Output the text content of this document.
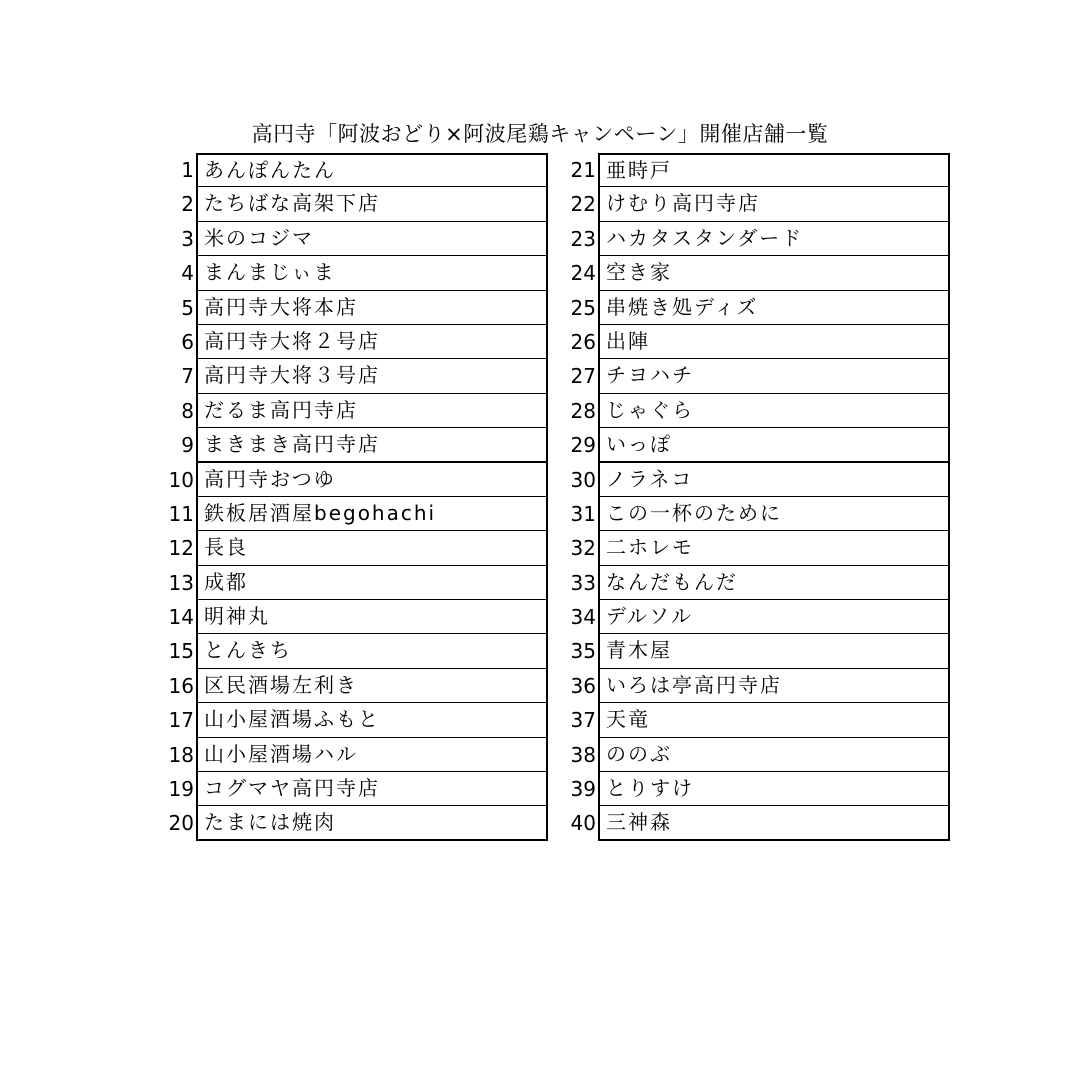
高円寺「阿波おどり×阿波尾鶏キャンペーン」開催店舗一覧
1 あんぽんたん
2 たちばな高架下店
3 米のコジマ
4 まんまじぃま
5 高円寺大将本店
6 高円寺大将２号店
7 高円寺大将３号店
8 だるま高円寺店
9 まきまき高円寺店
10 高円寺おつゆ
11 鉄板居酒屋begohachi
12 長良
13 成都
14 明神丸
15 とんきち
16 区民酒場左利き
17 山小屋酒場ふもと
18 山小屋酒場ハル
19 コグマヤ高円寺店
20 たまには焼肉
21 亜時戸
22 けむり高円寺店
23 ハカタスタンダード
24 空き家
25 串焼き処ディズ
26 出陣
27 チヨハチ
28 じゃぐら
29 いっぽ
30 ノラネコ
31 この一杯のために
32 二ホレモ
33 なんだもんだ
34 デルソル
35 青木屋
36 いろは亭高円寺店
37 天竜
38 ののぶ
39 とりすけ
40 三神森
